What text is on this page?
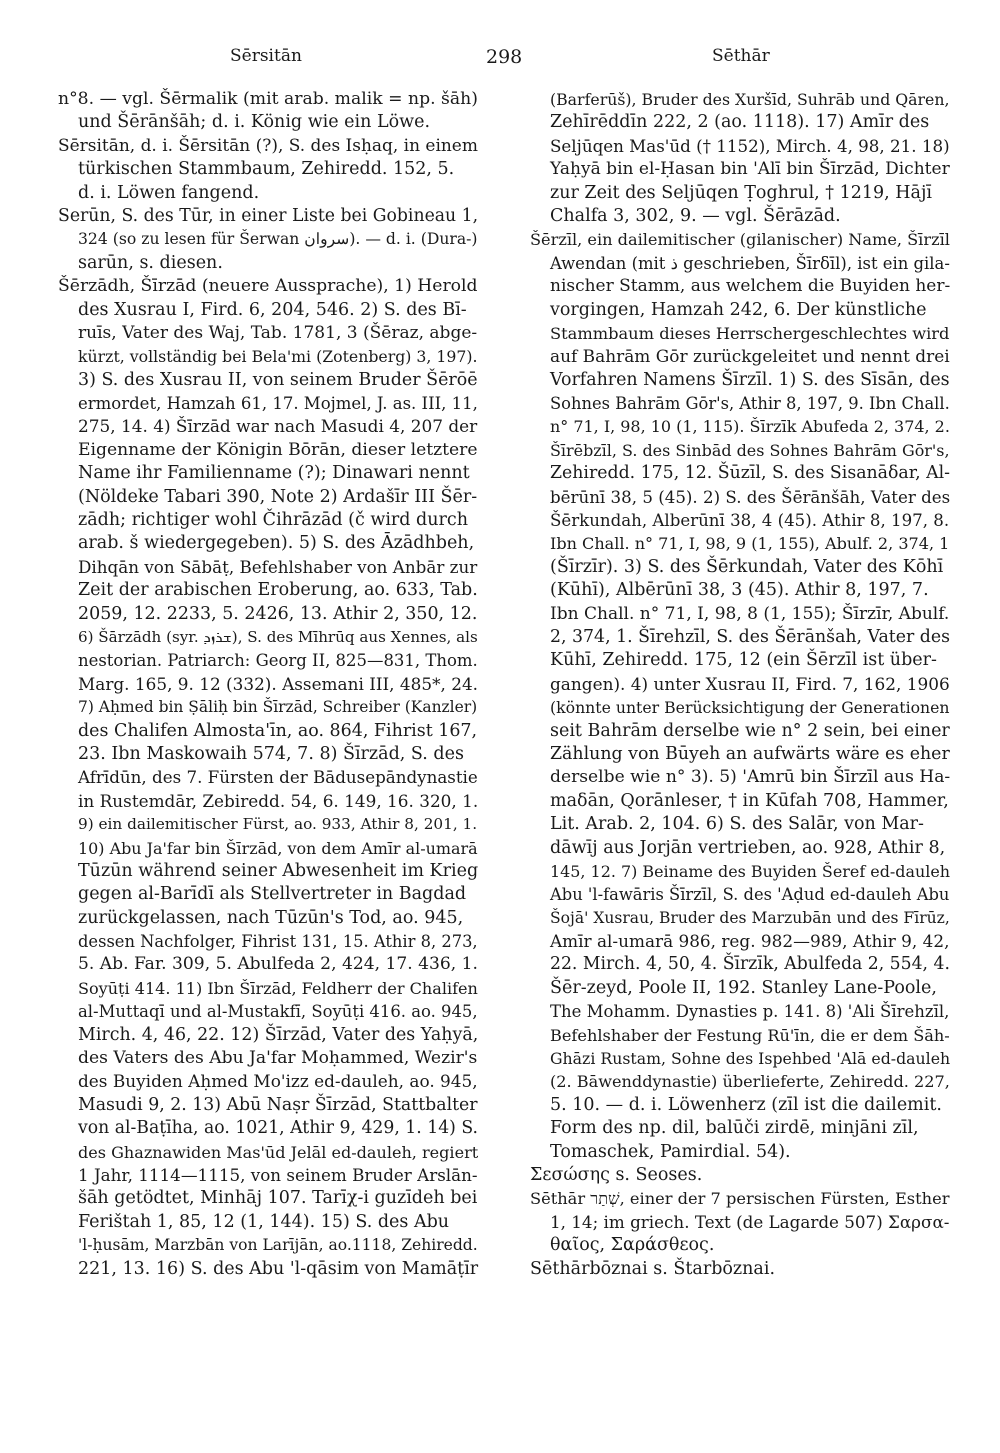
Sērsitān	298	Sēthār
n°8. — vgl. Šērmalik (mit arab. malik = np. šāh)
und Šērānšāh; d. i. König wie ein Löwe.
Sērsitān, d. i. Šērsitān (?), S. des Isḥaq, in einem
türkischen Stammbaum, Zehiredd. 152, 5.
d. i. Löwen fangend.
Serūn, S. des Tūr, in einer Liste bei Gobineau 1,
324 (so zu lesen für Šerwan سروان). — d. i. (Dura-)
sarūn, s. diesen.
Šērzādh, Šīrzād (neuere Aussprache), 1) Herold
des Xusrau I, Fird. 6, 204, 546. 2) S. des Bī-
ruīs, Vater des Waj, Tab. 1781, 3 (Šēraz, abge-
kürzt, vollständig bei Bela'mi (Zotenberg) 3, 197).
3) S. des Xusrau II, von seinem Bruder Šērōē
ermordet, Hamzah 61, 17. Mojmel, J. as. III, 11,
275, 14. 4) Šīrzād war nach Masudi 4, 207 der
Eigenname der Königin Bōrān, dieser letztere
Name ihr Familienname (?); Dinawari nennt
(Nöldeke Tabari 390, Note 2) Ardašīr III Šēr-
zādh; richtiger wohl Čihrāzād (č wird durch
arab. š wiedergegeben). 5) S. des Āzādhbeh,
Dihqān von Sābāṭ, Befehlshaber von Anbār zur
Zeit der arabischen Eroberung, ao. 633, Tab.
2059, 12. 2233, 5. 2426, 13. Athir 2, 350, 12.
6) Šārzādh (syr. ܫܪܙܕ), S. des Mīhrūq aus Xennes, als
nestorian. Patriarch: Georg II, 825—831, Thom.
Marg. 165, 9. 12 (332). Assemani III, 485*, 24.
7) Aḥmed bin Ṣāliḥ bin Šīrzād, Schreiber (Kanzler)
des Chalifen Almosta'īn, ao. 864, Fihrist 167,
23. Ibn Maskowaih 574, 7. 8) Šīrzād, S. des
Afrīdūn, des 7. Fürsten der Bādusepāndynastie
in Rustemdār, Zebiredd. 54, 6. 149, 16. 320, 1.
9) ein dailemitischer Fürst, ao. 933, Athir 8, 201, 1.
10) Abu Ja'far bin Šīrzād, von dem Amīr al-umarā
Tūzūn während seiner Abwesenheit im Krieg
gegen al-Barīdī als Stellvertreter in Bagdad
zurückgelassen, nach Tūzūn's Tod, ao. 945,
dessen Nachfolger, Fihrist 131, 15. Athir 8, 273,
5. Ab. Far. 309, 5. Abulfeda 2, 424, 17. 436, 1.
Soyūṭi 414. 11) Ibn Šīrzād, Feldherr der Chalifen
al-Muttaqī und al-Mustakfī, Soyūṭi 416. ao. 945,
Mirch. 4, 46, 22. 12) Šīrzād, Vater des Yaḥyā,
des Vaters des Abu Ja'far Moḥammed, Wezir's
des Buyiden Aḥmed Mo'izz ed-dauleh, ao. 945,
Masudi 9, 2. 13) Abū Naṣr Šīrzād, Stattbalter
von al-Baṭīha, ao. 1021, Athir 9, 429, 1. 14) S.
des Ghaznawiden Mas'ūd Jelāl ed-dauleh, regiert
1 Jahr, 1114—1115, von seinem Bruder Arslān-
šāh getödtet, Minhāj 107. Tarīχ-i guzīdeh bei
Ferištah 1, 85, 12 (1, 144). 15) S. des Abu
'l-ḥusām, Marzbān von Larījān, ao.1118, Zehiredd.
221, 13. 16) S. des Abu 'l-qāsim von Mamāṭīr
(Barferūš), Bruder des Xuršīd, Suhrāb und Qāren,
Zehīrēddīn 222, 2 (ao. 1118). 17) Amīr des
Seljūqen Mas'ūd († 1152), Mirch. 4, 98, 21. 18)
Yaḥyā bin el-Ḥasan bin 'Alī bin Šīrzād, Dichter
zur Zeit des Seljūqen Ṭoghrul, † 1219, Hājī
Chalfa 3, 302, 9. — vgl. Šērāzād.
Šērzīl, ein dailemitischer (gilanischer) Name, Šīrzīl
Awendan (mit ذ geschrieben, Šīrδīl), ist ein gila-
nischer Stamm, aus welchem die Buyiden her-
vorgingen, Hamzah 242, 6. Der künstliche
Stammbaum dieses Herrschergeschlechtes wird
auf Bahrām Gōr zurückgeleitet und nennt drei
Vorfahren Namens Šīrzīl. 1) S. des Sīsān, des
Sohnes Bahrām Gōr's, Athir 8, 197, 9. Ibn Chall.
n° 71, I, 98, 10 (1, 115). Šīrzīk Abufeda 2, 374, 2.
Šīrēbzīl, S. des Sinbād des Sohnes Bahrām Gōr's,
Zehiredd. 175, 12. Šūzīl, S. des Sisanāδar, Al-
bērūnī 38, 5 (45). 2) S. des Šērānšāh, Vater des
Šērkundah, Alberūnī 38, 4 (45). Athir 8, 197, 8.
Ibn Chall. n° 71, I, 98, 9 (1, 155), Abulf. 2, 374, 1
(Šīrzīr). 3) S. des Šērkundah, Vater des Kōhī
(Kūhī), Albērūnī 38, 3 (45). Athir 8, 197, 7.
Ibn Chall. n° 71, I, 98, 8 (1, 155); Šīrzīr, Abulf.
2, 374, 1. Šīrehzīl, S. des Šērānšah, Vater des
Kūhī, Zehiredd. 175, 12 (ein Šērzīl ist über-
gangen). 4) unter Xusrau II, Fird. 7, 162, 1906
(könnte unter Berücksichtigung der Generationen
seit Bahrām derselbe wie n° 2 sein, bei einer
Zählung von Būyeh an aufwärts wäre es eher
derselbe wie n° 3). 5) 'Amrū bin Šīrzīl aus Ha-
maδān, Qorānleser, † in Kūfah 708, Hammer,
Lit. Arab. 2, 104. 6) S. des Salār, von Mar-
dāwīj aus Jorjān vertrieben, ao. 928, Athir 8,
145, 12. 7) Beiname des Buyiden Šeref ed-dauleh
Abu 'l-fawāris Šīrzīl, S. des 'Aḍud ed-dauleh Abu
Šojā' Xusrau, Bruder des Marzubān und des Fīrūz,
Amīr al-umarā 986, reg. 982—989, Athir 9, 42,
22. Mirch. 4, 50, 4. Šīrzīk, Abulfeda 2, 554, 4.
Šēr-zeyd, Poole II, 192. Stanley Lane-Poole,
The Mohamm. Dynasties p. 141. 8) 'Ali Šīrehzīl,
Befehlshaber der Festung Rū'īn, die er dem Šāh-
Ghāzi Rustam, Sohne des Ispehbed 'Alā ed-dauleh
(2. Bāwenddynastie) überlieferte, Zehiredd. 227,
5. 10. — d. i. Löwenherz (zīl ist die dailemit.
Form des np. dil, balūči zirdē, minjāni zīl,
Tomaschek, Pamirdial. 54).
Σεσώσης s. Seoses.
Sēthār שְׁתַר, einer der 7 persischen Fürsten, Esther
1, 14; im griech. Text (de Lagarde 507) Σαρσα-
θαῖος, Σαράσθεος.
Sēthārbōznai s. Štarbōznai.
